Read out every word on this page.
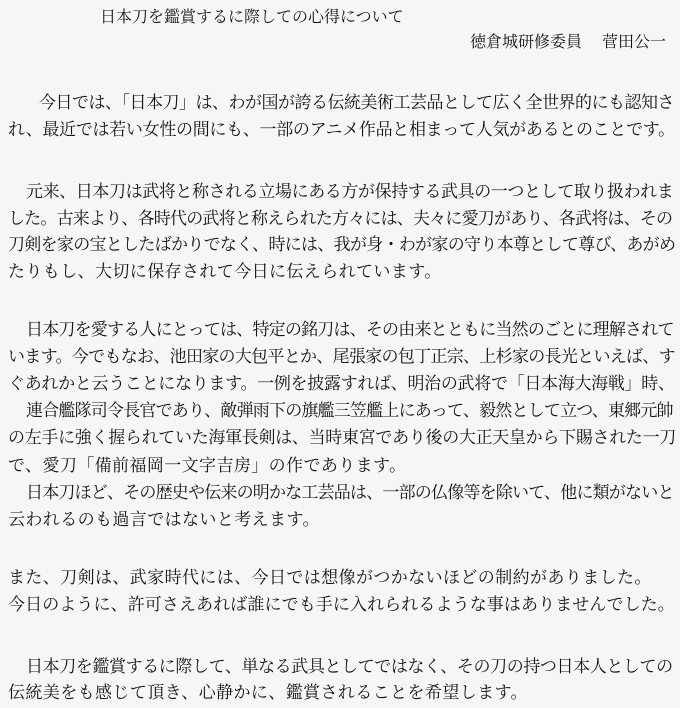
日本刀を鑑賞するに際しての心得について
徳倉城研修委員 菅田公一
今日では、「日本刀」は、わが国が誇る伝統美術工芸品として広く全世界的にも認知さ
れ、最近では若い女性の間にも、一部のアニメ作品と相まって人気があるとのことです。
元来、日本刀は武将と称される立場にある方が保持する武具の一つとして取り扱われま
した。古来より、各時代の武将と称えられた方々には、夫々に愛刀があり、各武将は、その
刀剣を家の宝としたばかりでなく、時には、我が身・わが家の守り本尊として尊び、あがめ
たりもし、大切に保存されて今日に伝えられています。
日本刀を愛する人にとっては、特定の銘刀は、その由来とともに当然のごとに理解されて
います。今でもなお、池田家の大包平とか、尾張家の包丁正宗、上杉家の長光といえば、す
ぐあれかと云うことになります。一例を披露すれば、明治の武将で「日本海大海戦」時、
連合艦隊司令長官であり、敵弾雨下の旗艦三笠艦上にあって、毅然として立つ、東郷元帥
の左手に強く握られていた海軍長剣は、当時東宮であり後の大正天皇から下賜された一刀
で、愛刀「備前福岡一文字吉房」の作であります。
日本刀ほど、その歴史や伝来の明かな工芸品は、一部の仏像等を除いて、他に類がないと
云われるのも過言ではないと考えます。
また、刀剣は、武家時代には、今日では想像がつかないほどの制約がありました。
今日のように、許可さえあれば誰にでも手に入れられるような事はありませんでした。
日本刀を鑑賞するに際して、単なる武具としてではなく、その刀の持つ日本人としての
伝統美をも感じて頂き、心静かに、鑑賞されることを希望します。
